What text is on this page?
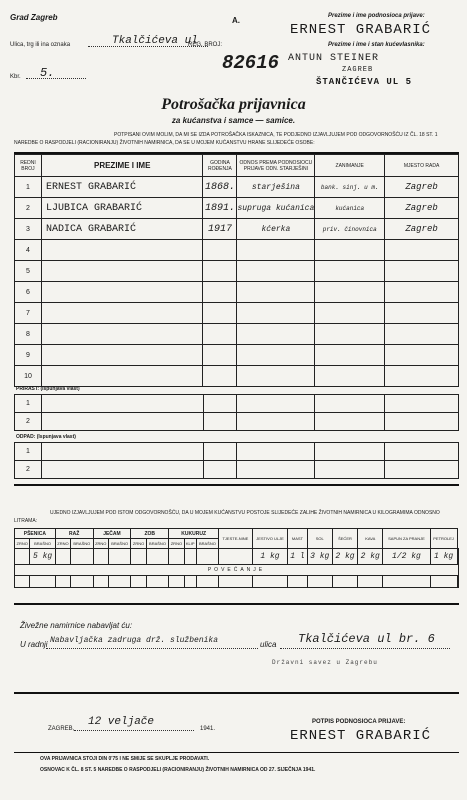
Grad Zagreb	A.
Ulica, trg ili ina oznaka	Tkalčićeva ul
Kbr. 5.
REG. BROJ:
82616
Prezime i ime podnosioca prijave:
ERNEST GRABARIĆ
Prezime i ime i stan kućevlasnika:
ANTUN STEINER
ZAGREB
ŠTANČIĆEVA UL 5
Potrošačka prijavnica
za kućanstva i samce — samice.
POTPISANI OVIM MOLIM, DA MI SE IZDA POTROŠAČKA ISKAZNICA, TE PODJEDNO IZJAVLJUJEM POD ODGOVORNOŠĆU IZ ČL. 18 ST. 1 NAREDBE O RASPODJELI (RACIONIRANJU) ŽIVOTNIH NAMIRNICA, DA SE U MOJEM KUĆANSTVU HRANE SLIJEDEĆE OSOBE:
REDNI BROJ	PREZIME I IME	GODINA ROĐENJA	ODNOS PREMA PODNOSIOCU PRIJAVE ODN. STARJEŠINI	ZANIMANJE	MJESTO RADA
1	ERNEST GRABARIĆ	1868.	starješina	bank. sinj. u m.	Zagreb
2	LJUBICA GRABARIĆ	1891.	supruga kućanica	kućanica	Zagreb
3	NADICA GRABARIĆ	1917	kćerka	priv. činovnica	Zagreb
4					
5					
6					
7					
8					
9					
10					
PRIRAST: (Ispunjava vlast)
1					
2					
ODPAD: (Ispunjava vlast)
1					
2					
UJEDNO IZJAVLJUJEM POD ISTOM ODGOVORNOŠĆU, DA U MOJEM KUĆANSTVU POSTOJE SLIJEDEĆE ZALIHE ŽIVOTNIH NAMIRNICA U KILOGRAMIMA ODNOSNO LITRAMA:
PŠENICA		RAŽ		JEČAM		ZOB		KUKURUZ			TJESTE-NINE	JESTIVO ULJE	MAST	SOL	ŠEĆER	KAVA	SAPUN ZA PRANJE	PETROLEJ	
ZRNO	BRAŠNO	ZRNO	BRAŠNO	ZRNO	BRAŠNO	ZRNO	BRAŠNO	ZRNO	KLIP	BRAŠNO									
	5 kg											1 kg	1 l	3 kg	2 kg	2 kg	1/2 kg	1 kg	
POVEĆANJE																			

Živežne namirnice nabavljat ću:
U radnji Nabavljačka zadruga drž. službenika	ulica Tkalčićeva ul br. 6
Državni savez u Zagrebu
ZAGREB,
12 veljače
1941.
POTPIS PODNOSIOCA PRIJAVE:
ERNEST GRABARIĆ
OVA PRIJAVNICA STOJI DIN 0'75 I NE SMIJE SE SKUPLJE PRODAVATI.
OSNOVAC K ČL. 8 ST. 5 NAREDBE O RASPODJELI (RACIONIRANJU) ŽIVOTNIH NAMIRNICA OD 27. SIJEČNJA 1941.
